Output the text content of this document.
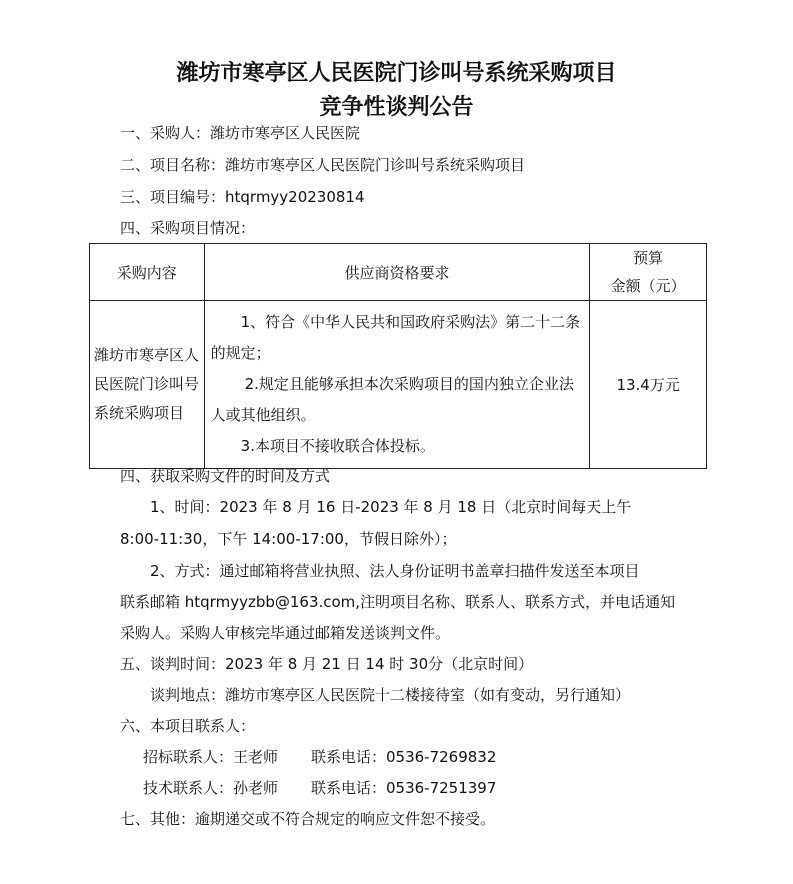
潍坊市寒亭区人民医院门诊叫号系统采购项目
竞争性谈判公告
一、采购人：潍坊市寒亭区人民医院
二、项目名称：潍坊市寒亭区人民医院门诊叫号系统采购项目
三、项目编号：htqrmyy20230814
四、采购项目情况：
采购内容	供应商资格要求	预算
金额（元）

潍坊市寒亭区人民医院门诊叫号系统采购项目	1、符合《中华人民共和国政府采购法》第二十二条的规定；

2.规定且能够承担本次采购项目的国内独立企业法人或其他组织。

3.本项目不接收联合体投标。	13.4万元
四、获取采购文件的时间及方式
1、时间：2023 年 8 月 16 日-2023 年 8 月 18 日（北京时间每天上午
8:00-11:30，下午 14:00-17:00，节假日除外）；
2、方式：通过邮箱将营业执照、法人身份证明书盖章扫描件发送至本项目
联系邮箱 htqrmyyzbb@163.com,注明项目名称、联系人、联系方式，并电话通知
采购人。采购人审核完毕通过邮箱发送谈判文件。
五、谈判时间：2023 年 8 月 21 日 14 时 30分（北京时间）
谈判地点：潍坊市寒亭区人民医院十二楼接待室（如有变动，另行通知）
六、本项目联系人：
招标联系人：王老师 联系电话：0536-7269832
技术联系人：孙老师 联系电话：0536-7251397
七、其他：逾期递交或不符合规定的响应文件恕不接受。
